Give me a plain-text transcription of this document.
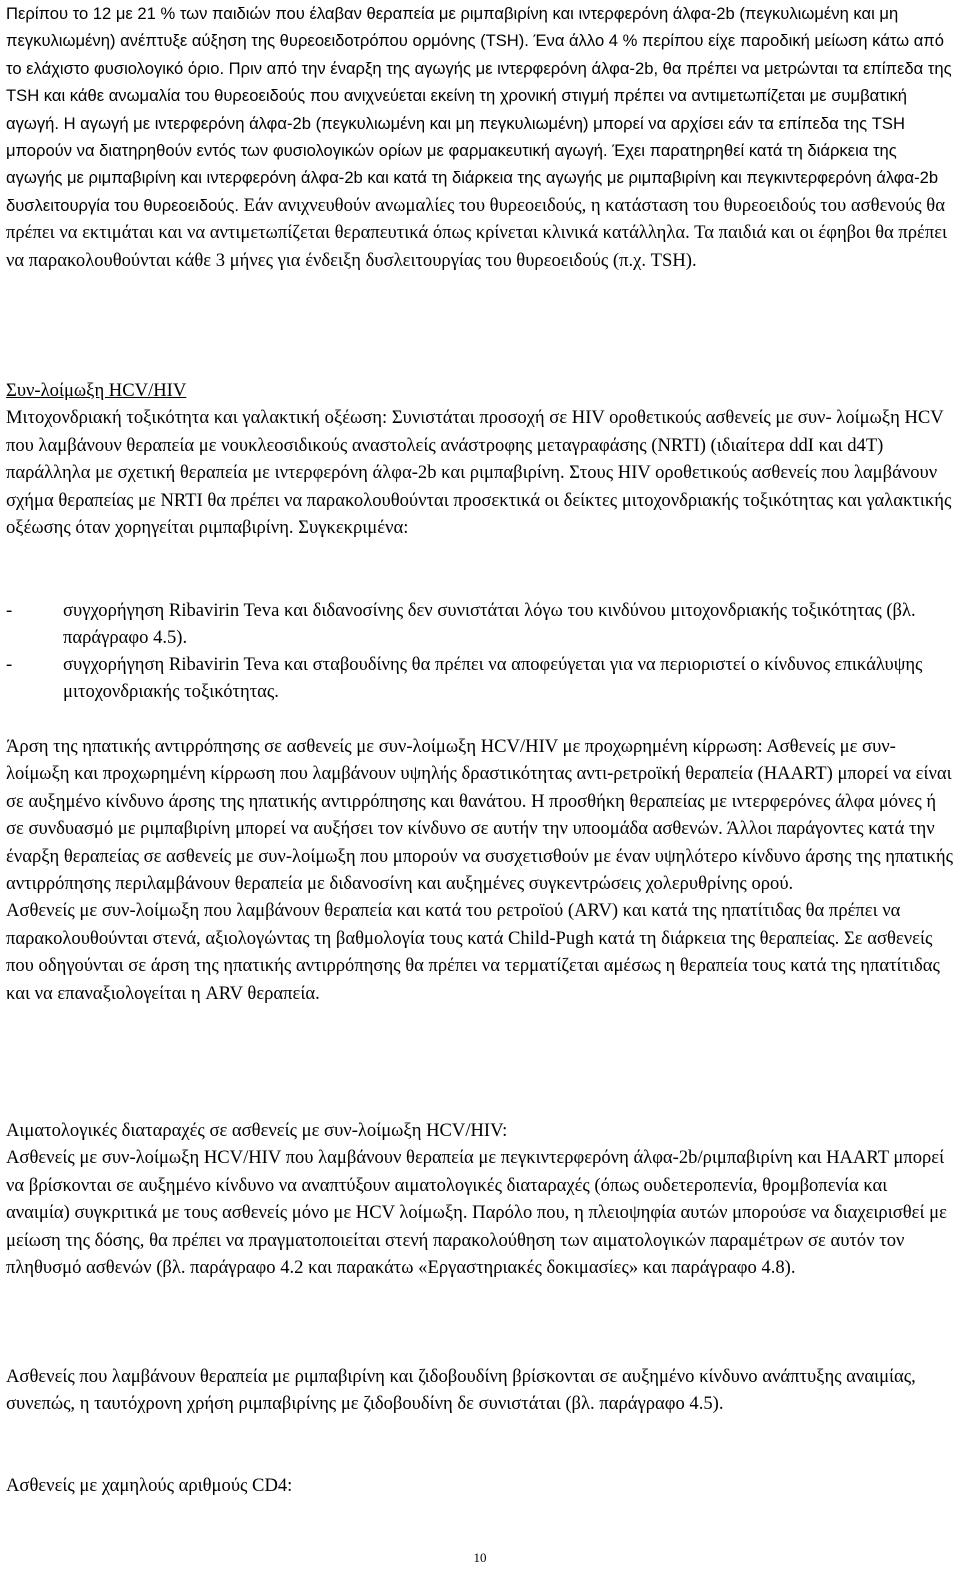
Περίπου το 12 με 21 % των παιδιών που έλαβαν θεραπεία με ριμπαβιρίνη και ιντερφερόνη άλφα-2b (πεγκυλιωμένη και μη πεγκυλιωμένη) ανέπτυξε αύξηση της θυρεοειδοτρόπου ορμόνης (TSH). Ένα άλλο 4 % περίπου είχε παροδική μείωση κάτω από το ελάχιστο φυσιολογικό όριο. Πριν από την έναρξη της αγωγής με ιντερφερόνη άλφα-2b, θα πρέπει να μετρώνται τα επίπεδα της TSH και κάθε ανωμαλία του θυρεοειδούς που ανιχνεύεται εκείνη τη χρονική στιγμή πρέπει να αντιμετωπίζεται με συμβατική αγωγή. Η αγωγή με ιντερφερόνη άλφα-2b (πεγκυλιωμένη και μη πεγκυλιωμένη) μπορεί να αρχίσει εάν τα επίπεδα της TSH μπορούν να διατηρηθούν εντός των φυσιολογικών ορίων με φαρμακευτική αγωγή. Έχει παρατηρηθεί κατά τη διάρκεια της αγωγής με ριμπαβιρίνη και ιντερφερόνη άλφα-2b και κατά τη διάρκεια της αγωγής με ριμπαβιρίνη και πεγκιντερφερόνη άλφα-2b δυσλειτουργία του θυρεοειδούς. Εάν ανιχνευθούν ανωμαλίες του θυρεοειδούς, η κατάσταση του θυρεοειδούς του ασθενούς θα πρέπει να εκτιμάται και να αντιμετωπίζεται θεραπευτικά όπως κρίνεται κλινικά κατάλληλα. Τα παιδιά και οι έφηβοι θα πρέπει να παρακολουθούνται κάθε 3 μήνες για ένδειξη δυσλειτουργίας του θυρεοειδούς (π.χ. TSH).

Συν-λοίμωξη HCV/HIV
Μιτοχονδριακή τοξικότητα και γαλακτική οξέωση: Συνιστάται προσοχή σε HIV οροθετικούς ασθενείς με συν- λοίμωξη HCV που λαμβάνουν θεραπεία με νουκλεοσιδικούς αναστολείς ανάστροφης μεταγραφάσης (NRTI) (ιδιαίτερα ddI και d4T) παράλληλα με σχετική θεραπεία με ιντερφερόνη άλφα-2b και ριμπαβιρίνη. Στους HIV οροθετικούς ασθενείς που λαμβάνουν σχήμα θεραπείας με NRTI θα πρέπει να παρακολουθούνται προσεκτικά οι δείκτες μιτοχονδριακής τοξικότητας και γαλακτικής οξέωσης όταν χορηγείται ριμπαβιρίνη. Συγκεκριμένα:

-	συγχορήγηση Ribavirin Teva και διδανοσίνης δεν συνιστάται λόγω του κινδύνου μιτοχονδριακής τοξικότητας (βλ. παράγραφο 4.5).
-	συγχορήγηση Ribavirin Teva και σταβουδίνης θα πρέπει να αποφεύγεται για να περιοριστεί ο κίνδυνος επικάλυψης μιτοχονδριακής τοξικότητας.

Άρση της ηπατικής αντιρρόπησης σε ασθενείς με συν-λοίμωξη HCV/HIV με προχωρημένη κίρρωση: Ασθενείς με συν-λοίμωξη και προχωρημένη κίρρωση που λαμβάνουν υψηλής δραστικότητας αντι-ρετροϊκή θεραπεία (HAART) μπορεί να είναι σε αυξημένο κίνδυνο άρσης της ηπατικής αντιρρόπησης και θανάτου. Η προσθήκη θεραπείας με ιντερφερόνες άλφα μόνες ή σε συνδυασμό με ριμπαβιρίνη μπορεί να αυξήσει τον κίνδυνο σε αυτήν την υποομάδα ασθενών. Άλλοι παράγοντες κατά την έναρξη θεραπείας σε ασθενείς με συν-λοίμωξη που μπορούν να συσχετισθούν με έναν υψηλότερο κίνδυνο άρσης της ηπατικής αντιρρόπησης περιλαμβάνουν θεραπεία με διδανοσίνη και αυξημένες συγκεντρώσεις χολερυθρίνης ορού.
Ασθενείς με συν-λοίμωξη που λαμβάνουν θεραπεία και κατά του ρετροϊού (ARV) και κατά της ηπατίτιδας θα πρέπει να παρακολουθούνται στενά, αξιολογώντας τη βαθμολογία τους κατά Child-Pugh κατά τη διάρκεια της θεραπείας. Σε ασθενείς που οδηγούνται σε άρση της ηπατικής αντιρρόπησης θα πρέπει να τερματίζεται αμέσως η θεραπεία τους κατά της ηπατίτιδας και να επαναξιολογείται η ARV θεραπεία.

Αιματολογικές διαταραχές σε ασθενείς με συν-λοίμωξη HCV/HIV:
Ασθενείς με συν-λοίμωξη HCV/HIV που λαμβάνουν θεραπεία με πεγκιντερφερόνη άλφα-2b/ριμπαβιρίνη και HAART μπορεί να βρίσκονται σε αυξημένο κίνδυνο να αναπτύξουν αιματολογικές διαταραχές (όπως ουδετεροπενία, θρομβοπενία και αναιμία) συγκριτικά με τους ασθενείς μόνο με HCV λοίμωξη. Παρόλο που, η πλειοψηφία αυτών μπορούσε να διαχειρισθεί με μείωση της δόσης, θα πρέπει να πραγματοποιείται στενή παρακολούθηση των αιματολογικών παραμέτρων σε αυτόν τον πληθυσμό ασθενών (βλ. παράγραφο 4.2 και παρακάτω «Εργαστηριακές δοκιμασίες» και παράγραφο 4.8).

Ασθενείς που λαμβάνουν θεραπεία με ριμπαβιρίνη και ζιδοβουδίνη βρίσκονται σε αυξημένο κίνδυνο ανάπτυξης αναιμίας, συνεπώς, η ταυτόχρονη χρήση ριμπαβιρίνης με ζιδοβουδίνη δε συνιστάται (βλ. παράγραφο 4.5).

Ασθενείς με χαμηλούς αριθμούς CD4:

10
